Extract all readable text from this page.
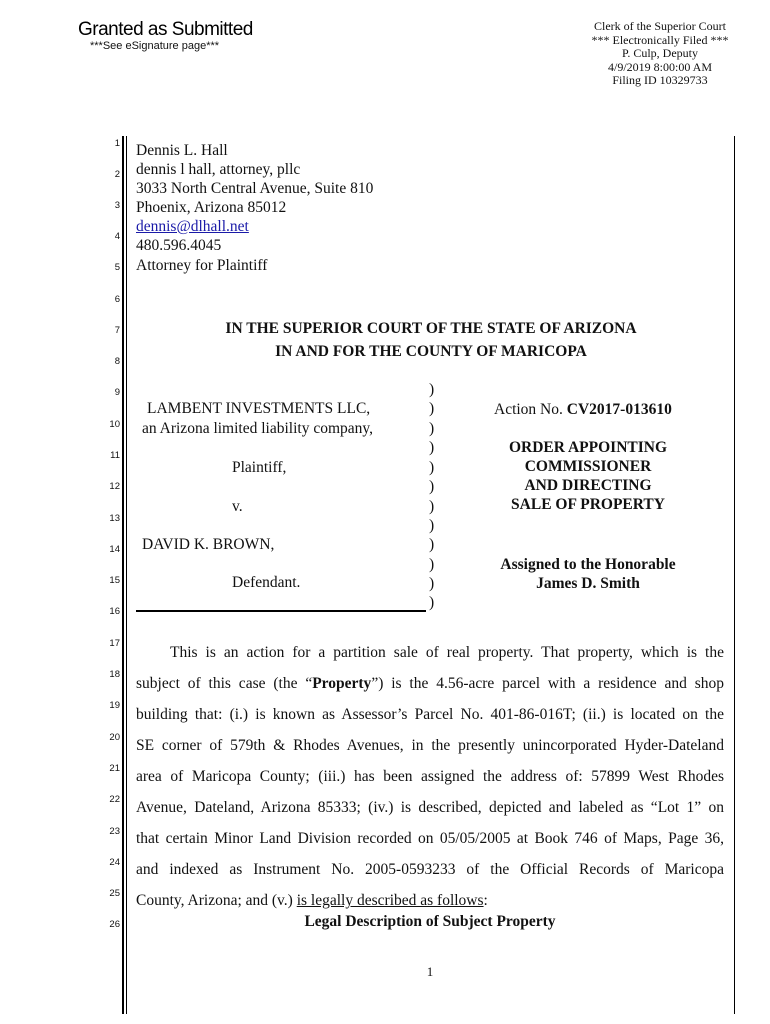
Granted as Submitted
***See eSignature page***
Clerk of the Superior Court
*** Electronically Filed ***
P. Culp, Deputy
4/9/2019 8:00:00 AM
Filing ID 10329733
1
2
3
4
5
6
7
8
9
10
11
12
13
14
15
16
17
18
19
20
21
22
23
24
25
26
Dennis L. Hall
dennis l hall, attorney, pllc
3033 North Central Avenue, Suite 810
Phoenix, Arizona 85012
dennis@dlhall.net
480.596.4045
Attorney for Plaintiff
IN THE SUPERIOR COURT OF THE STATE OF ARIZONA
IN AND FOR THE COUNTY OF MARICOPA
LAMBENT INVESTMENTS LLC,
an Arizona limited liability company,
Plaintiff,
v.
DAVID K. BROWN,
Defendant.
)
)
)
)
)
)
)
)
)
)
)
)
Action No. CV2017-013610
ORDER APPOINTING
COMMISSIONER
AND DIRECTING
SALE OF PROPERTY
Assigned to the Honorable
James D. Smith
This is an action for a partition sale of real property. That property, which is the
subject of this case (the “Property”) is the 4.56-acre parcel with a residence and shop
building that: (i.) is known as Assessor’s Parcel No. 401-86-016T; (ii.) is located on the
SE corner of 579th & Rhodes Avenues, in the presently unincorporated Hyder-Dateland
area of Maricopa County; (iii.) has been assigned the address of: 57899 West Rhodes
Avenue, Dateland, Arizona 85333; (iv.) is described, depicted and labeled as “Lot 1” on
that certain Minor Land Division recorded on 05/05/2005 at Book 746 of Maps, Page 36,
and indexed as Instrument No. 2005-0593233 of the Official Records of Maricopa
County, Arizona; and (v.) is legally described as follows:
Legal Description of Subject Property
1
